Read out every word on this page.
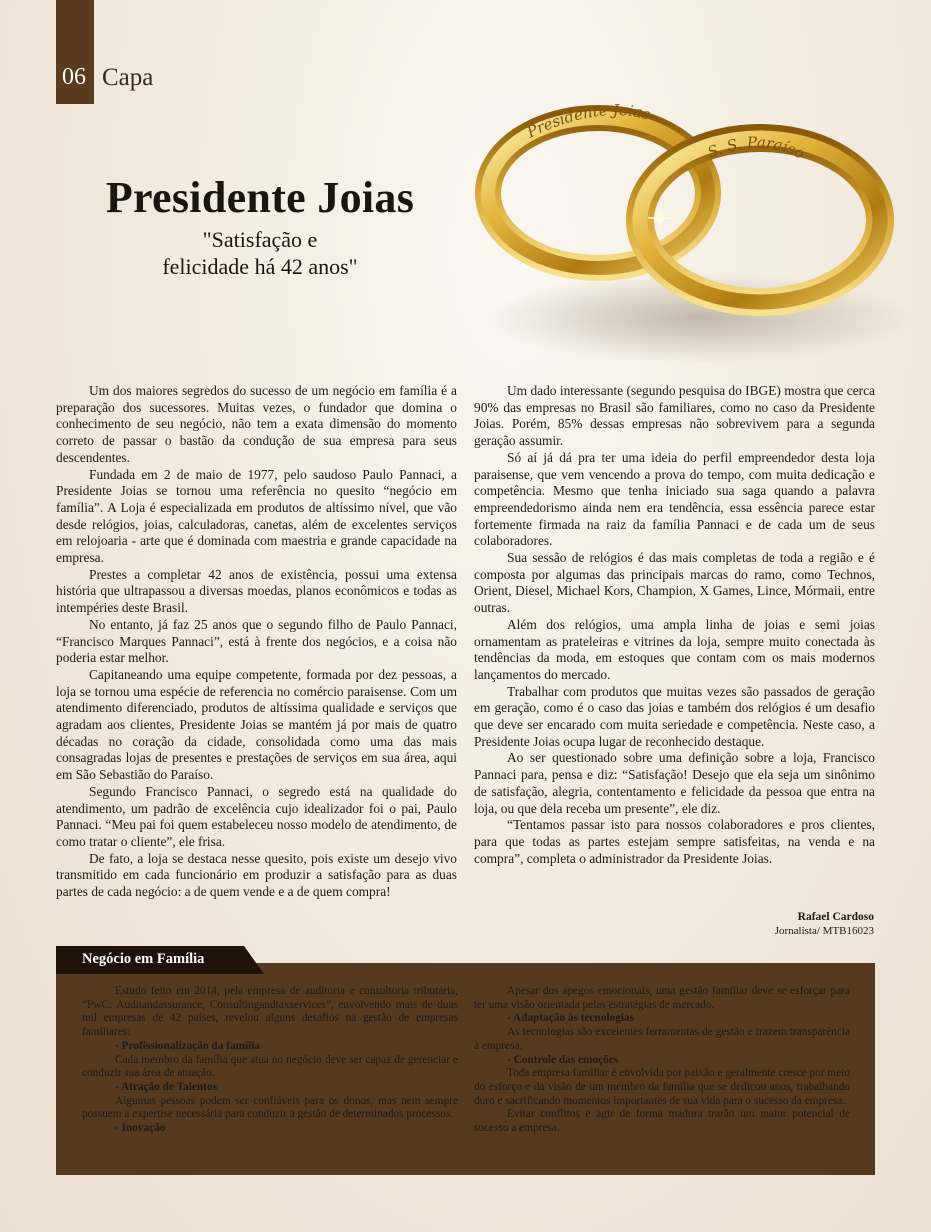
06 Capa
Presidente Joias
"Satisfação e
felicidade há 42 anos"
Presidente Joias
S. S. Paraíso

Um dos maiores segredos do sucesso de um negócio em família é a preparação dos sucessores. Muitas vezes, o fundador que domina o conhecimento de seu negócio, não tem a exata dimensão do momento correto de passar o bastão da condução de sua empresa para seus descendentes.

Fundada em 2 de maio de 1977, pelo saudoso Paulo Pannaci, a Presidente Joias se tornou uma referência no quesito “negócio em família”. A Loja é especializada em produtos de altíssimo nível, que vão desde relógios, joias, calculadoras, canetas, além de excelentes serviços em relojoaria - arte que é dominada com maestria e grande capacidade na empresa.

Prestes a completar 42 anos de existência, possui uma extensa história que ultrapassou a diversas moedas, planos econômicos e todas as intempéries deste Brasil.

No entanto, já faz 25 anos que o segundo filho de Paulo Pannaci, “Francisco Marques Pannaci”, está à frente dos negócios, e a coisa não poderia estar melhor.

Capitaneando uma equipe competente, formada por dez pessoas, a loja se tornou uma espécie de referencia no comércio paraisense. Com um atendimento diferenciado, produtos de altíssima qualidade e serviços que agradam aos clientes, Presidente Joias se mantém já por mais de quatro décadas no coração da cidade, consolidada como uma das mais consagradas lojas de presentes e prestações de serviços em sua área, aqui em São Sebastião do Paraíso.

Segundo Francisco Pannaci, o segredo está na qualidade do atendimento, um padrão de excelência cujo idealizador foi o pai, Paulo Pannaci. “Meu pai foi quem estabeleceu nosso modelo de atendimento, de como tratar o cliente”, ele frisa.

De fato, a loja se destaca nesse quesito, pois existe um desejo vivo transmitido em cada funcionário em produzir a satisfação para as duas partes de cada negócio: a de quem vende e a de quem compra!

Um dado interessante (segundo pesquisa do IBGE) mostra que cerca 90% das empresas no Brasil são familiares, como no caso da Presidente Joias. Porém, 85% dessas empresas não sobrevivem para a segunda geração assumir.

Só aí já dá pra ter uma ideia do perfil empreendedor desta loja paraisense, que vem vencendo a prova do tempo, com muita dedicação e competência. Mesmo que tenha iniciado sua saga quando a palavra empreendedorismo ainda nem era tendência, essa essência parece estar fortemente firmada na raiz da família Pannaci e de cada um de seus colaboradores.

Sua sessão de relógios é das mais completas de toda a região e é composta por algumas das principais marcas do ramo, como Technos, Orient, Diesel, Michael Kors, Champion, X Games, Lince, Mórmaii, entre outras.

Além dos relógios, uma ampla linha de joias e semi joias ornamentam as prateleiras e vitrines da loja, sempre muito conectada às tendências da moda, em estoques que contam com os mais modernos lançamentos do mercado.

Trabalhar com produtos que muitas vezes são passados de geração em geração, como é o caso das joias e também dos relógios é um desafio que deve ser encarado com muita seriedade e competência. Neste caso, a Presidente Joias ocupa lugar de reconhecido destaque.

Ao ser questionado sobre uma definição sobre a loja, Francisco Pannaci para, pensa e diz: “Satisfação! Desejo que ela seja um sinônimo de satisfação, alegria, contentamento e felicidade da pessoa que entra na loja, ou que dela receba um presente”, ele diz.

“Tentamos passar isto para nossos colaboradores e pros clientes, para que todas as partes estejam sempre satisfeitas, na venda e na compra”, completa o administrador da Presidente Joias.

Rafael Cardoso
Jornalista/ MTB16023
Negócio em Família

Estudo feito em 2014, pela empresa de auditoria e consultoria tributária, “PwC: Auditandassurance, Consultingandtaxservices”, envolvendo mais de duas mil empresas de 42 países, revelou alguns desafios na gestão de empresas familiares:

- Profissionalização da família

Cada membro da família que atua no negócio deve ser capaz de gerenciar e conduzir sua área de atuação.

- Atração de Talentos

Algumas pessoas podem ser confiáveis para os donos, mas nem sempre possuem a expertise necessária para conduzir a gestão de determinados processos.

- Inovação

Apesar dos apegos emocionais, uma gestão familiar deve se esforçar para ter uma visão orientada pelas estratégias de mercado.

- Adaptação às tecnologias

As tecnologias são excelentes ferramentas de gestão e trazem transparência à empresa.

- Controle das emoções

Toda empresa familiar é envolvida por paixão e geralmente cresce por meio do esforço e da visão de um membro da família que se dedicou anos, trabalhando duro e sacrificando momentos importantes de sua vida para o sucesso da empresa.

Evitar conflitos e agir de forma madura trarão um maior potencial de sucesso a empresa.
